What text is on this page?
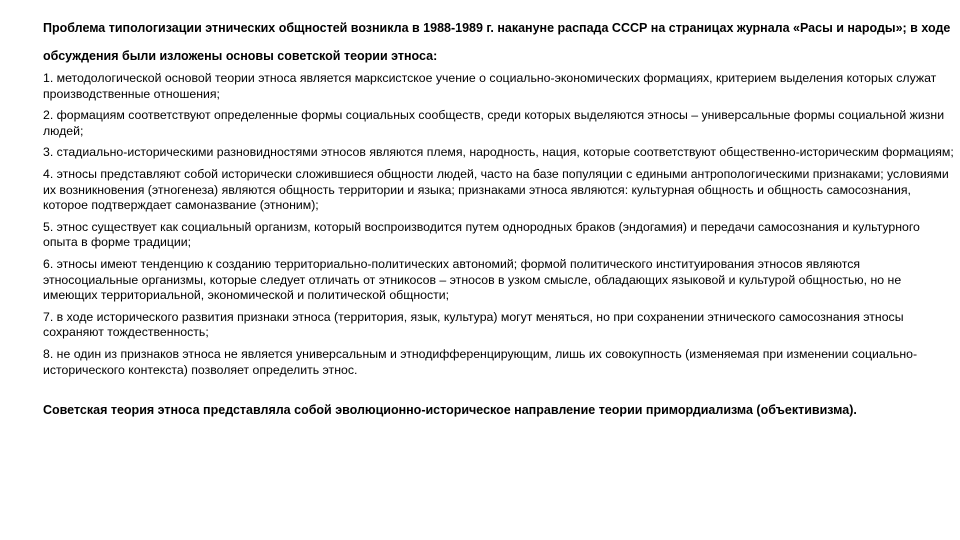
Проблема типологизации этнических общностей возникла в 1988-1989 г. накануне распада СССР на страницах журнала «Расы и народы»; в ходе обсуждения были изложены основы советской теории этноса:

1. методологической основой теории этноса является марксистское учение о социально-экономических формациях, критерием выделения которых служат производственные отношения;
2. формациям соответствуют определенные формы социальных сообществ, среди которых выделяются этносы – универсальные формы социальной жизни людей;
3. стадиально-историческими разновидностями этносов являются племя, народность, нация, которые соответствуют общественно-историческим формациям;
4. этносы представляют собой исторически сложившиеся общности людей, часто на базе популяции с едиными антропологическими признаками; условиями их возникновения (этногенеза) являются общность территории и языка; признаками этноса являются: культурная общность и общность самосознания, которое подтверждает самоназвание (этноним);
5. этнос существует как социальный организм, который воспроизводится путем однородных браков (эндогамия) и передачи самосознания и культурного опыта в форме традиции;
6. этносы имеют тенденцию к созданию территориально-политических автономий; формой политического институирования этносов являются этносоциальные организмы, которые следует отличать от этникосов – этносов в узком смысле, обладающих языковой и культурой общностью, но не имеющих территориальной, экономической и политической общности;
7. в ходе исторического развития признаки этноса (территория, язык, культура) могут меняться, но при сохранении этнического самосознания этносы сохраняют тождественность;
8. не один из признаков этноса не является универсальным и этнодифференцирующим, лишь их совокупность (изменяемая при изменении социально-исторического контекста) позволяет определить этнос.

Советская теория этноса представляла собой эволюционно-историческое направление теории примордиализма (объективизма).
